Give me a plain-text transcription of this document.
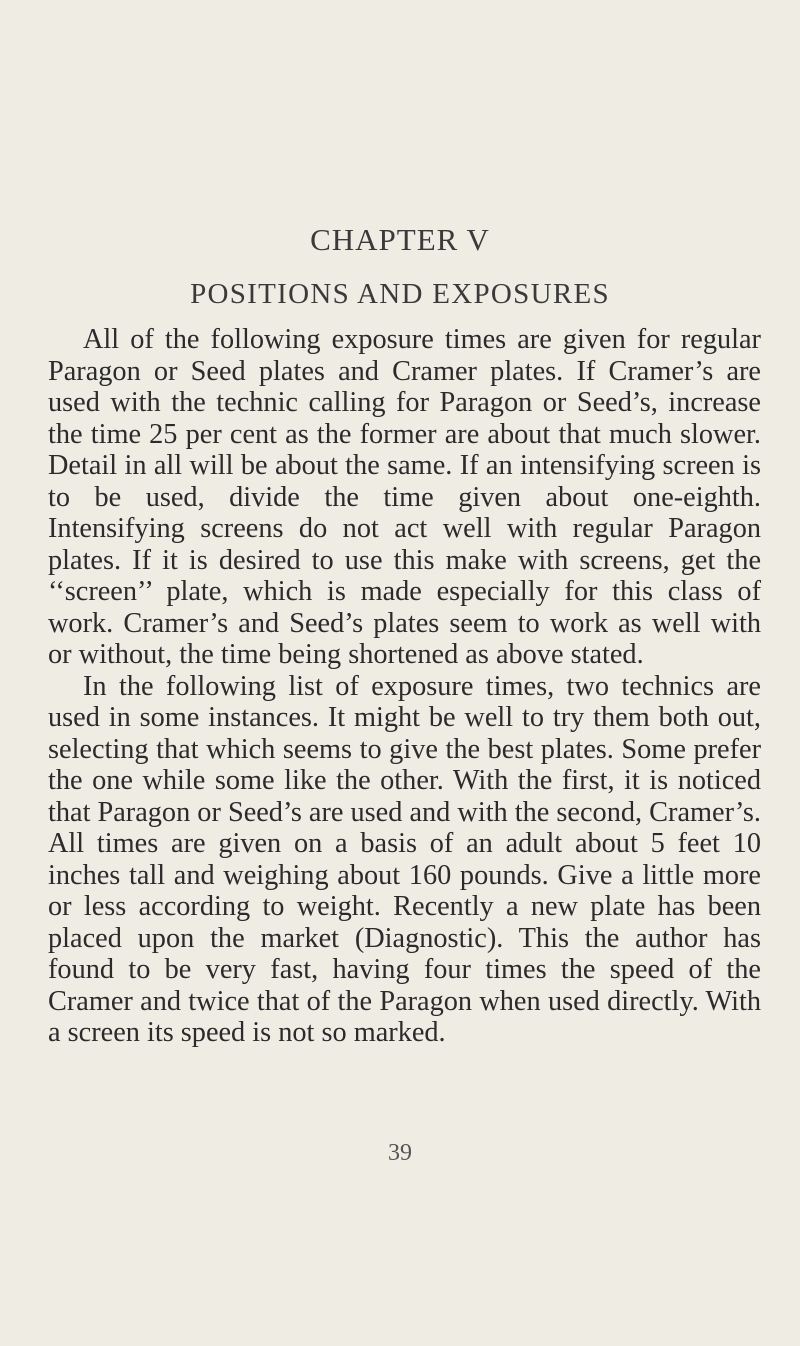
CHAPTER V
POSITIONS AND EXPOSURES

All of the following exposure times are given for regular Paragon or Seed plates and Cramer plates. If Cramer’s are used with the technic calling for Paragon or Seed’s, increase the time 25 per cent as the former are about that much slower. Detail in all will be about the same. If an intensifying screen is to be used, divide the time given about one-eighth. Intensifying screens do not act well with regular Paragon plates. If it is desired to use this make with screens, get the ‘‘screen’’ plate, which is made especially for this class of work. Cramer’s and Seed’s plates seem to work as well with or without, the time being shortened as above stated.

In the following list of exposure times, two technics are used in some instances. It might be well to try them both out, selecting that which seems to give the best plates. Some prefer the one while some like the other. With the first, it is noticed that Paragon or Seed’s are used and with the second, Cramer’s. All times are given on a basis of an adult about 5 feet 10 inches tall and weighing about 160 pounds. Give a little more or less according to weight. Recently a new plate has been placed upon the market (Diagnostic). This the author has found to be very fast, having four times the speed of the Cramer and twice that of the Paragon when used directly. With a screen its speed is not so marked.

39
